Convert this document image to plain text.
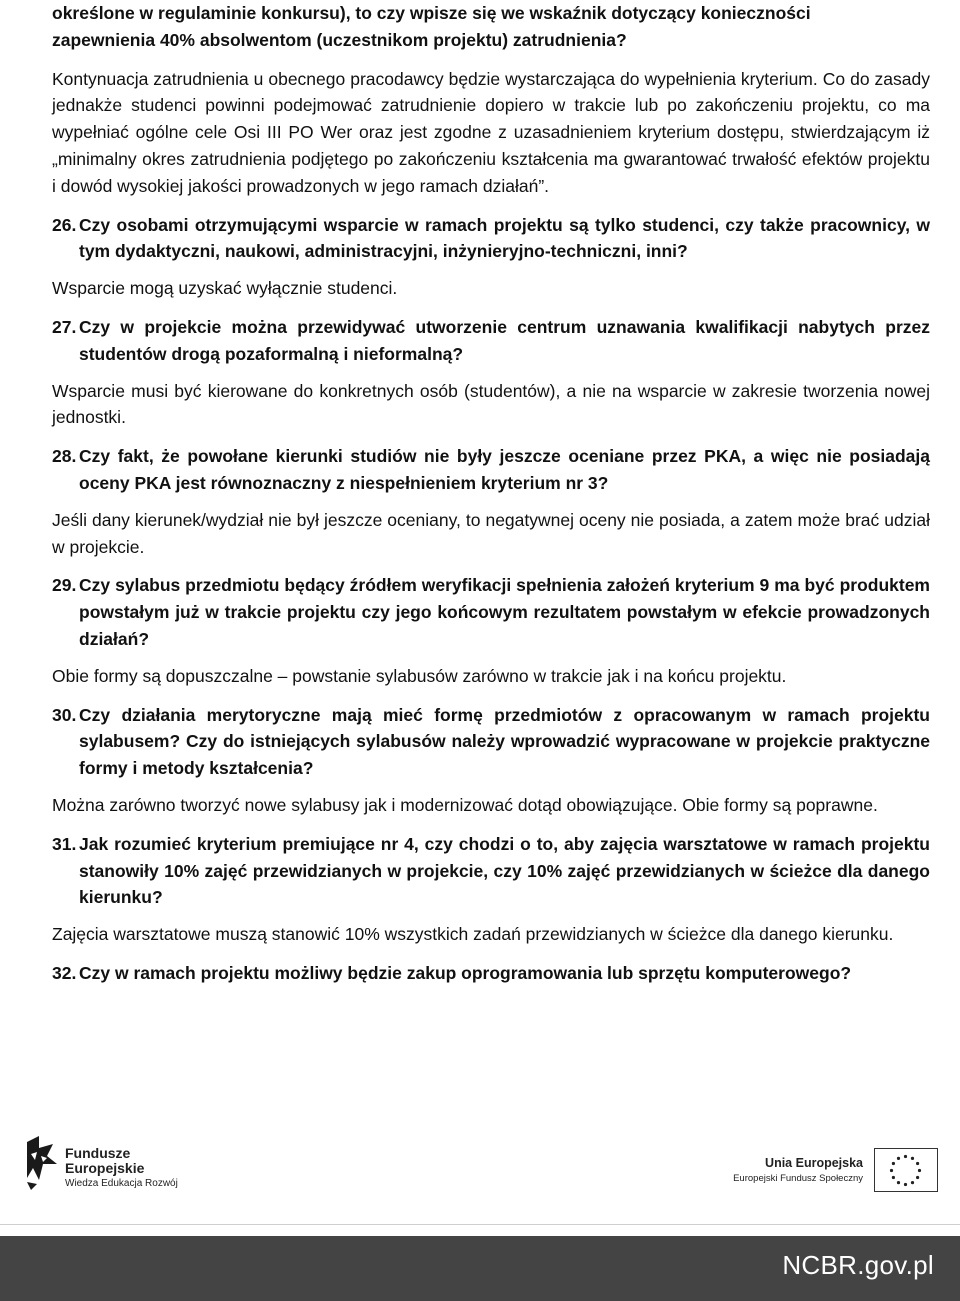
określone w regulaminie konkursu), to czy wpisze się we wskaźnik dotyczący konieczności
zapewnienia 40% absolwentom (uczestnikom projektu) zatrudnienia?

Kontynuacja zatrudnienia u obecnego pracodawcy będzie wystarczająca do wypełnienia kryterium. Co do zasady jednakże studenci powinni podejmować zatrudnienie dopiero w trakcie lub po zakończeniu projektu, co ma wypełniać ogólne cele Osi III PO Wer oraz jest zgodne z uzasadnieniem kryterium dostępu, stwierdzającym iż „minimalny okres zatrudnienia podjętego po zakończeniu kształcenia ma gwarantować trwałość efektów projektu i dowód wysokiej jakości prowadzonych w jego ramach działań”.

26. Czy osobami otrzymującymi wsparcie w ramach projektu są tylko studenci, czy także pracownicy, w tym dydaktyczni, naukowi, administracyjni, inżynieryjno-techniczni, inni?

Wsparcie mogą uzyskać wyłącznie studenci.

27. Czy w projekcie można przewidywać utworzenie centrum uznawania kwalifikacji nabytych przez studentów drogą pozaformalną i nieformalną?

Wsparcie musi być kierowane do konkretnych osób (studentów), a nie na wsparcie w zakresie tworzenia nowej jednostki.

28. Czy fakt, że powołane kierunki studiów nie były jeszcze oceniane przez PKA, a więc nie posiadają oceny PKA jest równoznaczny z niespełnieniem kryterium nr 3?

Jeśli dany kierunek/wydział nie był jeszcze oceniany, to negatywnej oceny nie posiada, a zatem może brać udział w projekcie.

29. Czy sylabus przedmiotu będący źródłem weryfikacji spełnienia założeń kryterium 9 ma być produktem powstałym już w trakcie projektu czy jego końcowym rezultatem powstałym w efekcie prowadzonych działań?

Obie formy są dopuszczalne – powstanie sylabusów zarówno w trakcie jak i na końcu projektu.

30. Czy działania merytoryczne mają mieć formę przedmiotów z opracowanym w ramach projektu sylabusem? Czy do istniejących sylabusów należy wprowadzić wypracowane w projekcie praktyczne formy i metody kształcenia?

Można zarówno tworzyć nowe sylabusy jak i modernizować dotąd obowiązujące. Obie formy są poprawne.

31. Jak rozumieć kryterium premiujące nr 4, czy chodzi o to, aby zajęcia warsztatowe w ramach projektu stanowiły 10% zajęć przewidzianych w projekcie, czy 10% zajęć przewidzianych w ścieżce dla danego kierunku?

Zajęcia warsztatowe muszą stanowić 10% wszystkich zadań przewidzianych w ścieżce dla danego kierunku.

32. Czy w ramach projektu możliwy będzie zakup oprogramowania lub sprzętu komputerowego?
Fundusze
Europejskie
Wiedza Edukacja Rozwój
Unia Europejska
Europejski Fundusz Społeczny
NCBR.gov.pl
